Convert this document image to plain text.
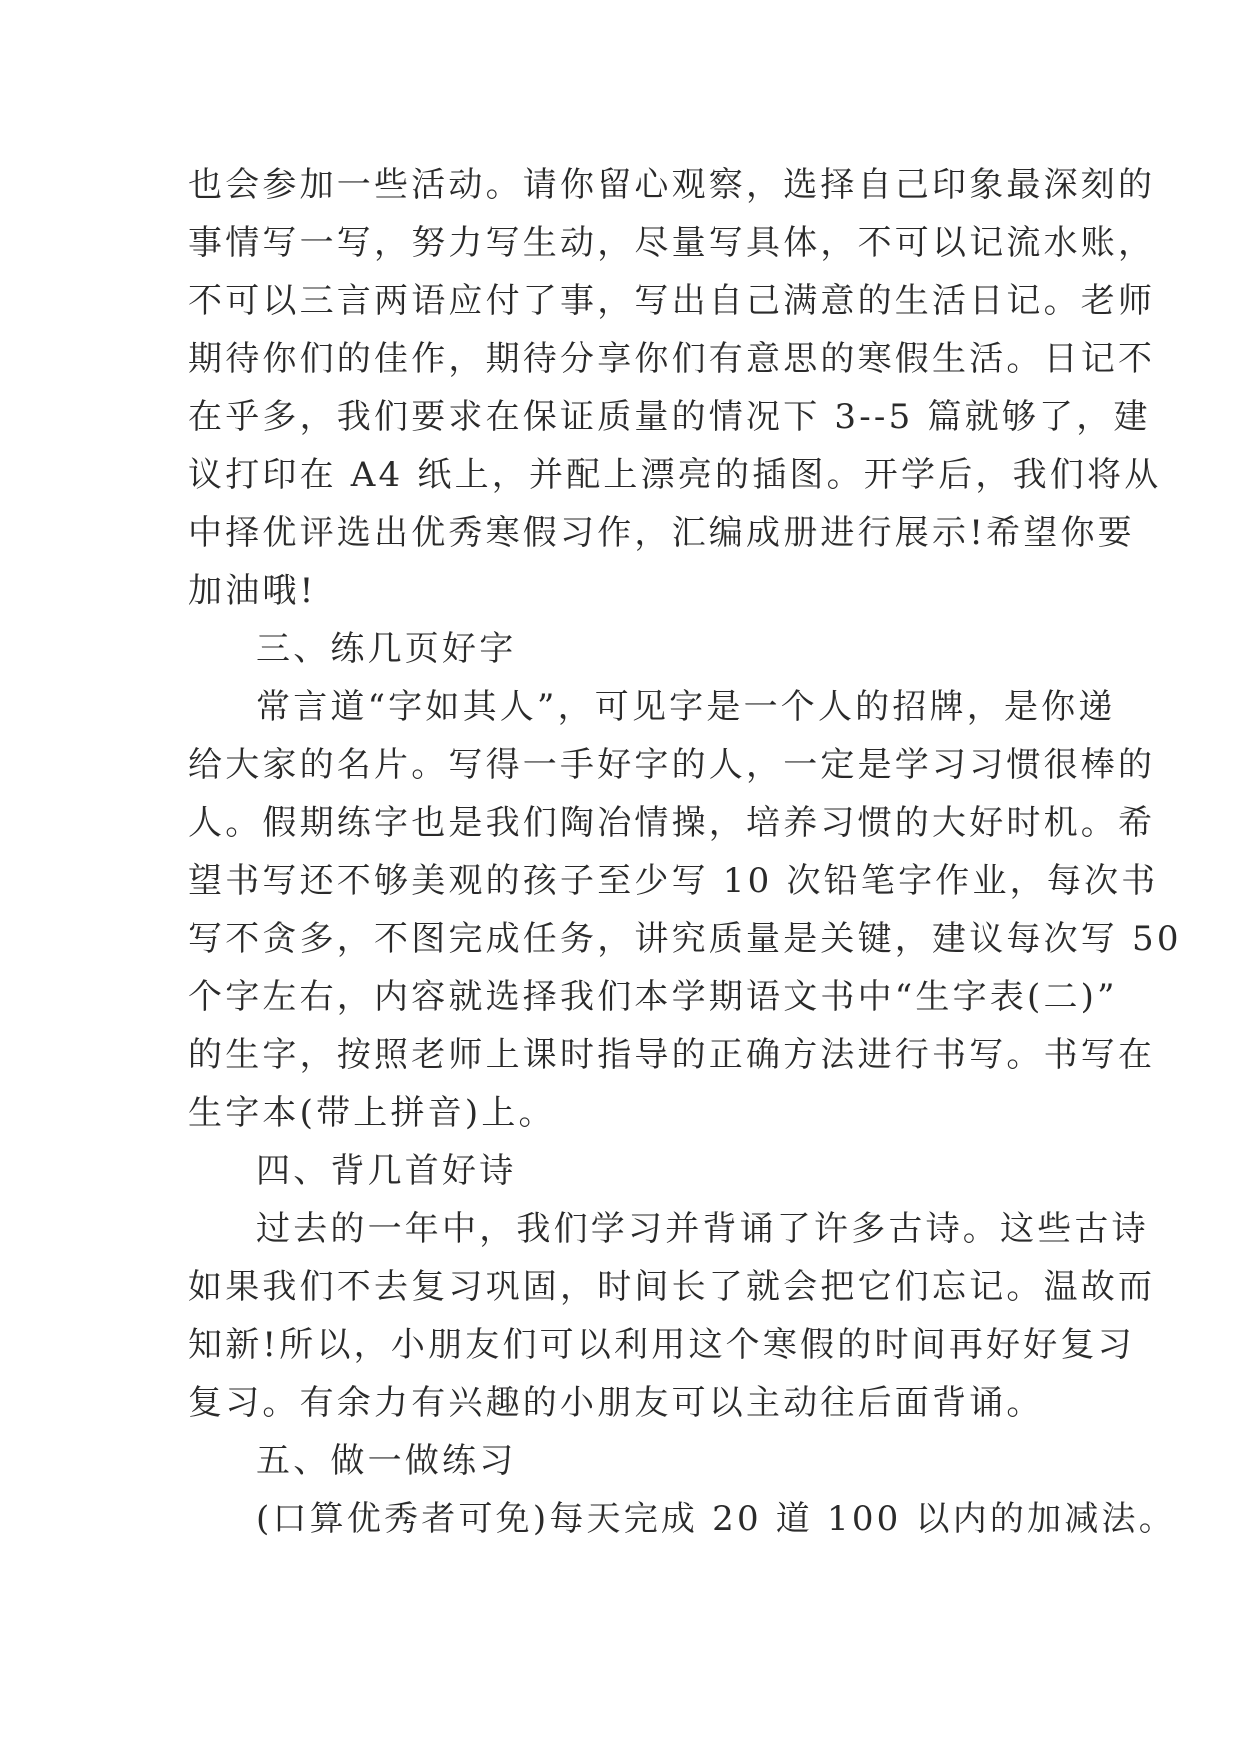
也会参加一些活动。请你留心观察，选择自己印象最深刻的

事情写一写，努力写生动，尽量写具体，不可以记流水账，

不可以三言两语应付了事，写出自己满意的生活日记。老师

期待你们的佳作，期待分享你们有意思的寒假生活。日记不

在乎多，我们要求在保证质量的情况下 3--5 篇就够了，建

议打印在 A4 纸上，并配上漂亮的插图。开学后，我们将从

中择优评选出优秀寒假习作，汇编成册进行展示!希望你要

加油哦!

三、练几页好字

常言道“字如其人”，可见字是一个人的招牌，是你递

给大家的名片。写得一手好字的人，一定是学习习惯很棒的

人。假期练字也是我们陶冶情操，培养习惯的大好时机。希

望书写还不够美观的孩子至少写 10 次铅笔字作业，每次书

写不贪多，不图完成任务，讲究质量是关键，建议每次写 50

个字左右，内容就选择我们本学期语文书中“生字表(二)”

的生字，按照老师上课时指导的正确方法进行书写。书写在

生字本(带上拼音)上。

四、背几首好诗

过去的一年中，我们学习并背诵了许多古诗。这些古诗

如果我们不去复习巩固，时间长了就会把它们忘记。温故而

知新!所以，小朋友们可以利用这个寒假的时间再好好复习

复习。有余力有兴趣的小朋友可以主动往后面背诵。

五、做一做练习

(口算优秀者可免)每天完成 20 道 100 以内的加减法。
